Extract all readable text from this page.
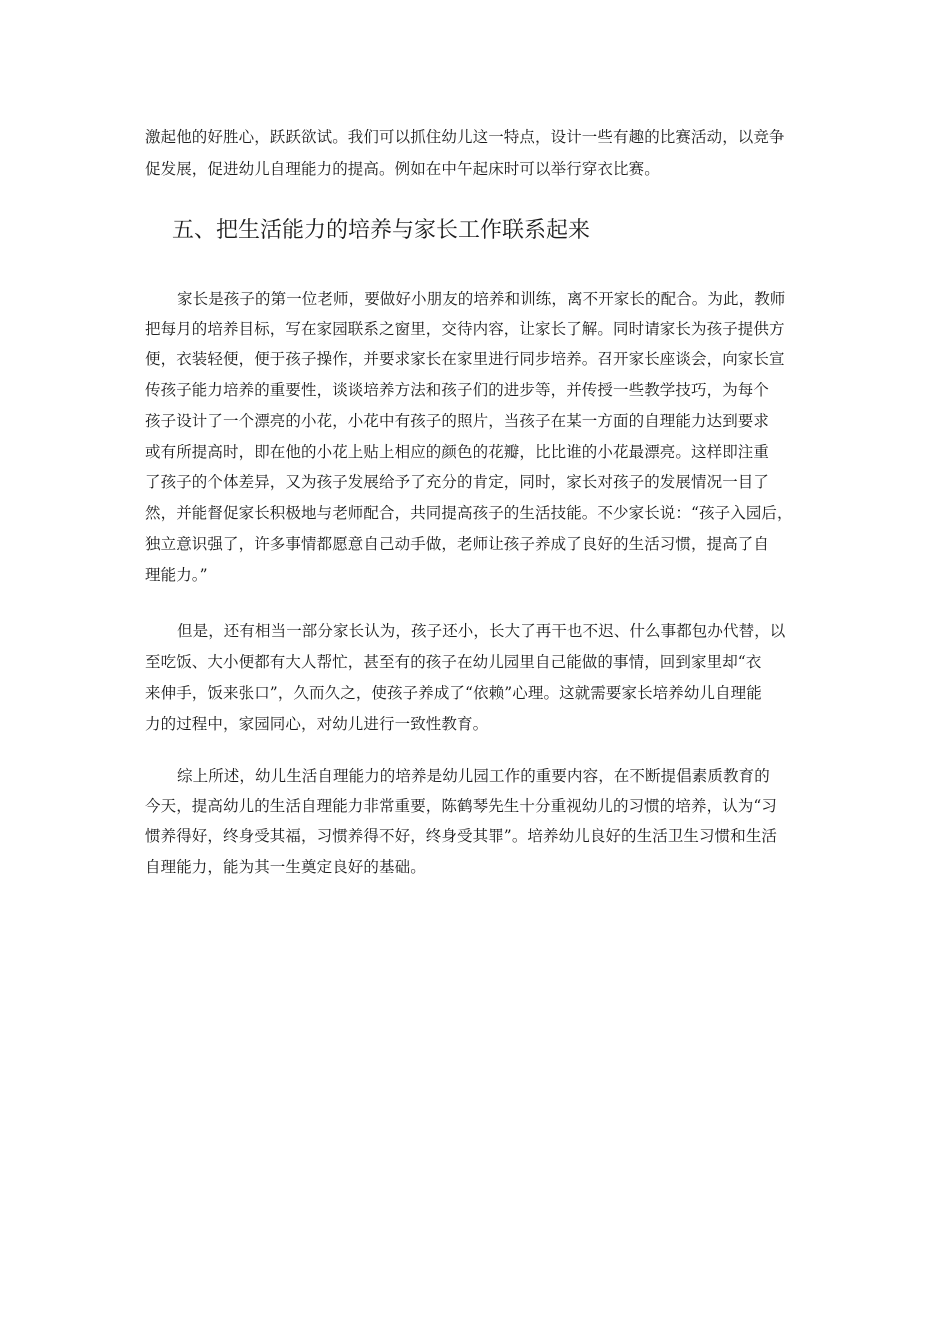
激起他的好胜心，跃跃欲试。我们可以抓住幼儿这一特点，设计一些有趣的比赛活动，以竞争
促发展，促进幼儿自理能力的提高。例如在中午起床时可以举行穿衣比赛。
五、把生活能力的培养与家长工作联系起来
家长是孩子的第一位老师，要做好小朋友的培养和训练，离不开家长的配合。为此，教师
把每月的培养目标，写在家园联系之窗里，交待内容，让家长了解。同时请家长为孩子提供方
便，衣装轻便，便于孩子操作，并要求家长在家里进行同步培养。召开家长座谈会，向家长宣
传孩子能力培养的重要性，谈谈培养方法和孩子们的进步等，并传授一些教学技巧，为每个
孩子设计了一个漂亮的小花，小花中有孩子的照片，当孩子在某一方面的自理能力达到要求
或有所提高时，即在他的小花上贴上相应的颜色的花瓣，比比谁的小花最漂亮。这样即注重
了孩子的个体差异，又为孩子发展给予了充分的肯定，同时，家长对孩子的发展情况一目了
然，并能督促家长积极地与老师配合，共同提高孩子的生活技能。不少家长说：“孩子入园后，
独立意识强了，许多事情都愿意自己动手做，老师让孩子养成了良好的生活习惯，提高了自
理能力。”
但是，还有相当一部分家长认为，孩子还小，长大了再干也不迟、什么事都包办代替，以
至吃饭、大小便都有大人帮忙，甚至有的孩子在幼儿园里自己能做的事情，回到家里却“衣
来伸手，饭来张口”，久而久之，使孩子养成了“依赖”心理。这就需要家长培养幼儿自理能
力的过程中，家园同心，对幼儿进行一致性教育。
综上所述，幼儿生活自理能力的培养是幼儿园工作的重要内容，在不断提倡素质教育的
今天，提高幼儿的生活自理能力非常重要，陈鹤琴先生十分重视幼儿的习惯的培养，认为“习
惯养得好，终身受其福，习惯养得不好，终身受其罪”。培养幼儿良好的生活卫生习惯和生活
自理能力，能为其一生奠定良好的基础。
